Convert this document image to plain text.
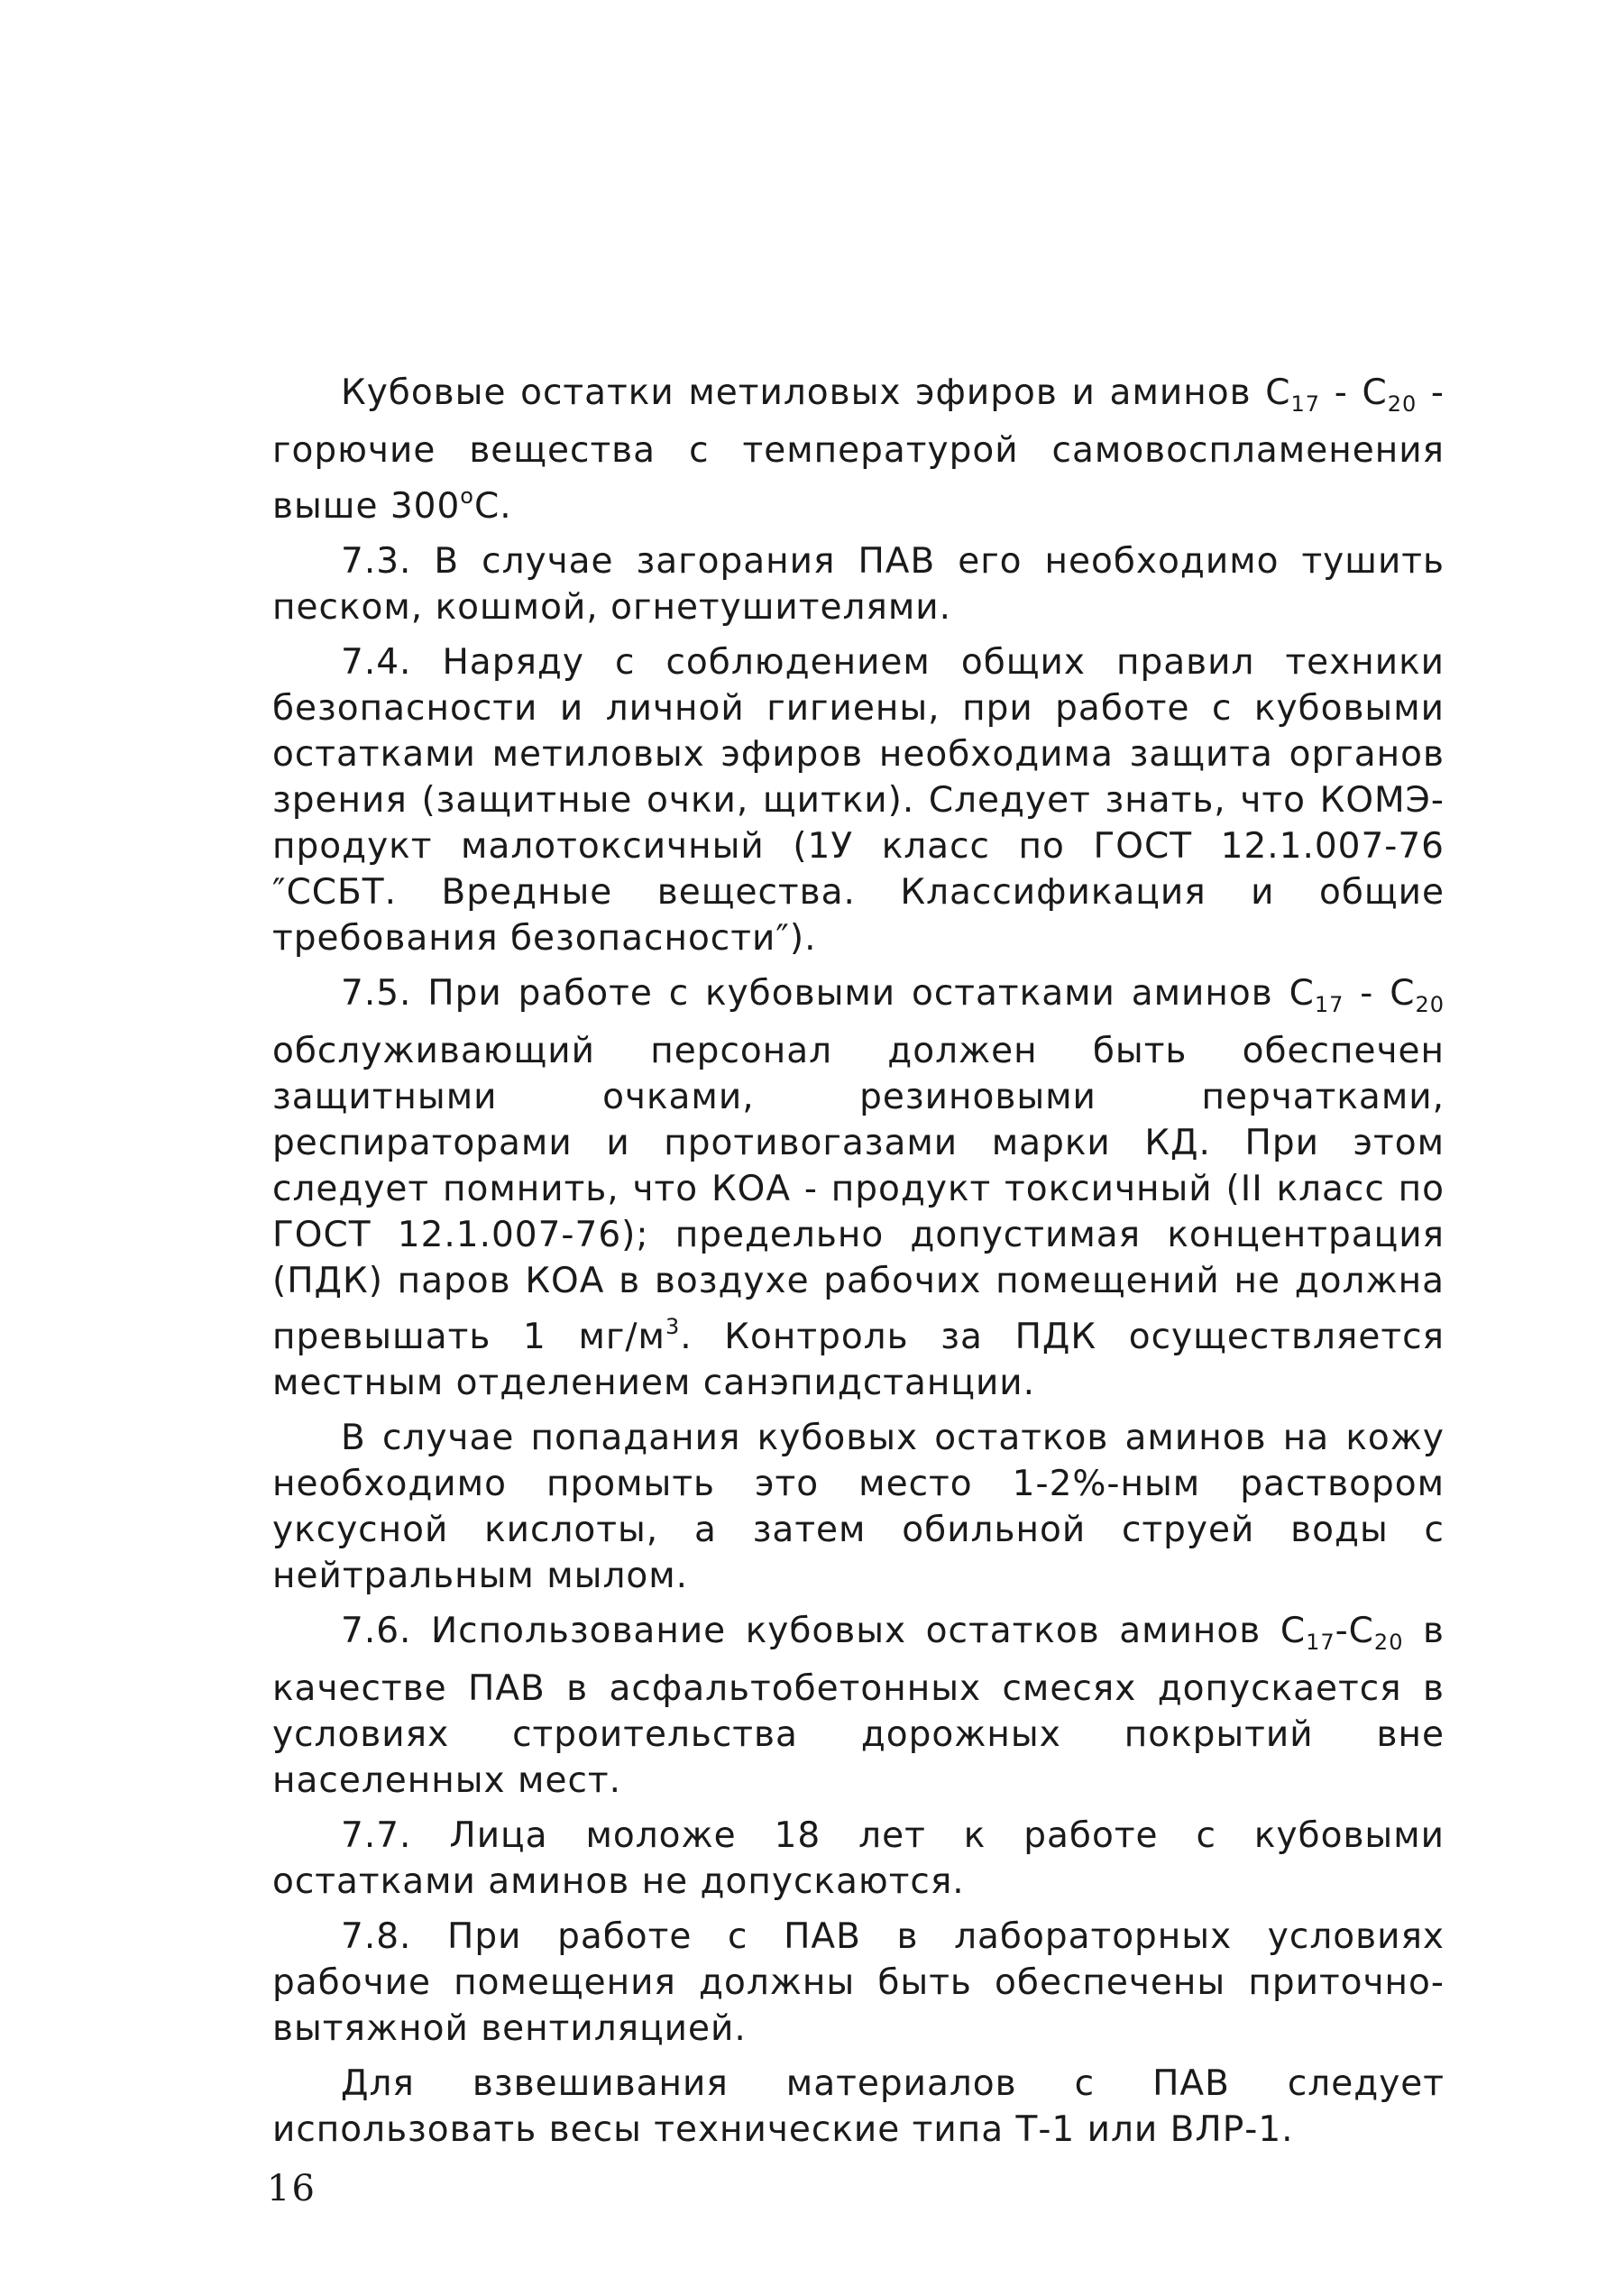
Кубовые остатки метиловых эфиров и аминов $C_{17} - C_{20}$ - горючие вещества с температурой самовоспламенения выше 300$^o$С.

7.3. В случае загорания ПАВ его необходимо тушить песком, кошмой, огнетушителями.

7.4. Наряду с соблюдением общих правил техники безопасности и личной гигиены, при работе с кубовыми остатками метиловых эфиров необходима защита органов зрения (защитные очки, щитки). Следует знать, что КОМЭ-продукт малотоксичный (1У класс по ГОСТ 12.1.007-76 ″ССБТ. Вредные вещества. Классификация и общие требования безопасности″).

7.5. При работе с кубовыми остатками аминов $C_{17} - C_{20}$ обслуживающий персонал должен быть обеспечен защитными очками, резиновыми перчатками, респираторами и противогазами марки КД. При этом следует помнить, что КОА - продукт токсичный (II класс по ГОСТ 12.1.007-76); предельно допустимая концентрация (ПДК) паров КОА в воздухе рабочих помещений не должна превышать 1 $мг/м^3$. Контроль за ПДК осуществляется местным отделением санэпидстанции.

В случае попадания кубовых остатков аминов на кожу необходимо промыть это место 1-2%-ным раствором уксусной кислоты, а затем обильной струей воды с нейтральным мылом.

7.6. Использование кубовых остатков аминов $C_{17}-C_{20}$ в качестве ПАВ в асфальтобетонных смесях допускается в условиях строительства дорожных покрытий вне населенных мест.

7.7. Лица моложе 18 лет к работе с кубовыми остатками аминов не допускаются.

7.8. При работе с ПАВ в лабораторных условиях рабочие помещения должны быть обеспечены приточно-вытяжной вентиляцией.

Для взвешивания материалов с ПАВ следует использовать весы технические типа Т-1 или ВЛР-1.

16
